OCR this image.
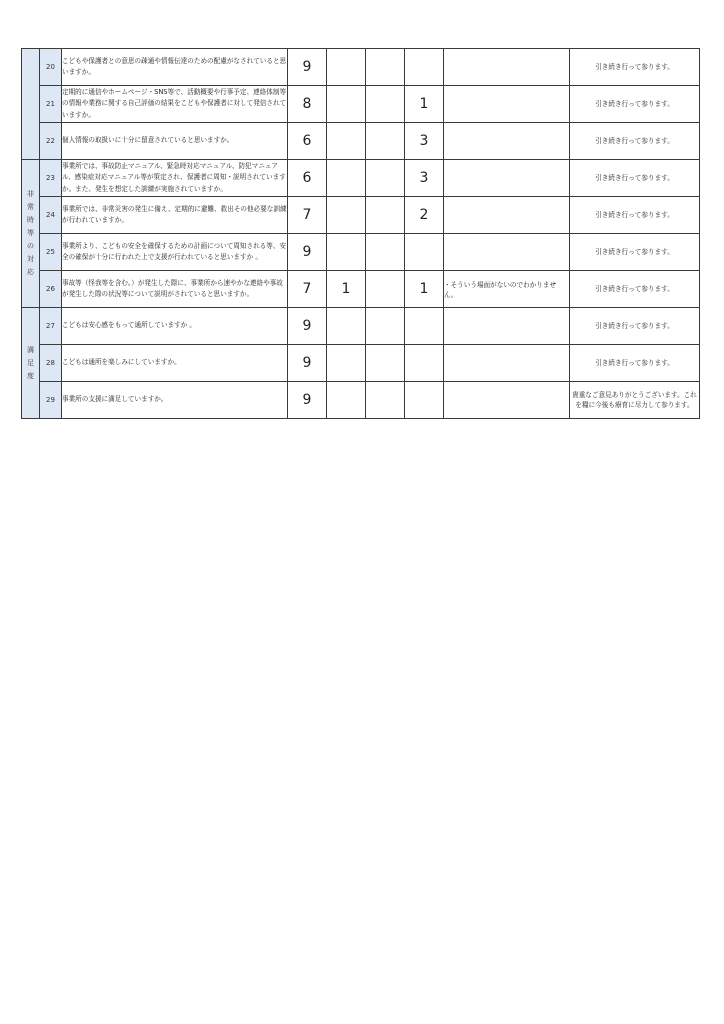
	20	こどもや保護者との意思の疎通や情報伝達のための配慮がなされていると思いますか。	9					引き続き行って参ります。
	21	定期的に通信やホームページ・SNS等で、活動概要や行事予定、連絡体制等の情報や業務に関する自己評価の結果をこどもや保護者に対して発信されていますか。	8			1		引き続き行って参ります。
	22	個人情報の取扱いに十分に留意されていると思いますか。	6			3		引き続き行って参ります。
非常時等の対応	23	事業所では、事故防止マニュアル、緊急時対応マニュアル、防犯マニュアル、感染症対応マニュアル等が策定され、保護者に周知・説明されていますか。また、発生を想定した訓練が実施されていますか。	6			3		引き続き行って参ります。
	24	事業所では、非常災害の発生に備え、定期的に避難、救出その他必要な訓練が行われていますか。	7			2		引き続き行って参ります。
	25	事業所より、こどもの安全を確保するための計画について周知される等、安全の確保が十分に行われた上で支援が行われていると思いますか 。	9					引き続き行って参ります。
	26	事故等（怪我等を含む。）が発生した際に、事業所から速やかな連絡や事故が発生した際の状況等について説明がされていると思いますか。	7	1		1	・そういう場面がないのでわかりません。	引き続き行って参ります。
満足度	27	こどもは安心感をもって通所していますか 。	9					引き続き行って参ります。
	28	こどもは通所を楽しみにしていますか。	9					引き続き行って参ります。
	29	事業所の支援に満足していますか。	9					貴重なご意見ありがとうございます。これを糧に今後も療育に尽力して参ります。
